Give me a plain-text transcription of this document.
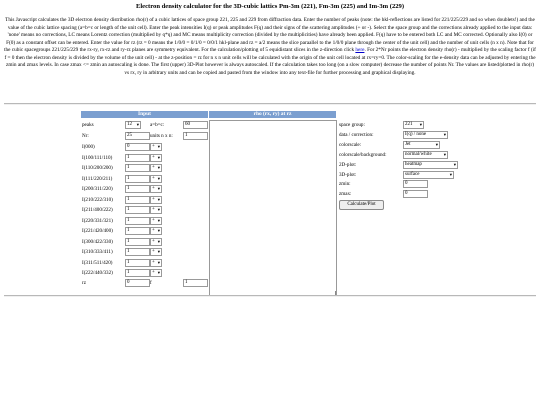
Electron density calculator for the 3D-cubic lattics Pm-3m (221), Fm-3m (225) and Im-3m (229)
This Javascript calculates the 3D electron density distribution rho(r) of a cubic lattices of space group 221, 225 and 229 from diffraction data. Enter the number of peaks (note: the hkl-reflections are listed for 221/225/229 and so when doublets!) and the value of the cubic lattice spacing (a=b=c or length of the unit cell). Enter the peak intensities I(q) or peak amplitudes F(q) and their signs of the scattering amplitudes (+ or -). Select the space group and the corrections already applied to the input data: 'none' means no corrections, LC means Lorentz correction (multiplied by q*q) and MC means multiplicity correction (divided by the multiplicities) have already been applied. F(q) have to be entered both LC and MC corrected. Optionally also I(0) or F(0) as a constant offset can be entered. Enter the value for rz (rz = 0 means the 1/0/0 = 0/1/0 = 0/0/1 hkl-plane and rz = a/2 means the slice paraallel to the 1/0/0 plane through the center of the unit cell) and the number of unit cells (n x n). Note that for the cubic spacegroups 221/225/229 the rx-ry, rx-rz and ry-rz planes are symmetry equivalent. For the calculation/plotting of 5 equidistant slices in the z-direction click here. For 2*Nr points the electron density rho(r) - multiplied by the scaling factor f (if f = 0 then the electron density is divided by the volume of the unit cell) - at the z-position = rz for n x n unit cells will be calculated with the origin of the unit cell located at rx=ry=0. The color-scaling for the e-density data can be adjusted by entering the zmin and zmax levels. In case zmax <= zmin an autoscaling is done. The first (upper) 3D-Plot however is always autoscaled. If the calculation takes too long (on a slow computer) decrease the number of points Nr. The values are listed/plotted in rho(r) vs rx, ry in arbitrary units and can be copied and pasted from the window into any text-file for further processing and graphical displaying.
Input	rho (rx, ry) at rz
peaks	12 ▾ a=b=c:	60
Nr:	25	units n x n:	1
I(000)	0	+ ▾
I(100/111/110)	1	+ ▾
I(110/200/200)	1	+ ▾
I(111/220/211)	1	+ ▾
I(200/311/220)	1	+ ▾
I(210/222/310)	1	+ ▾
I(211/400/222)	1	+ ▾
I(220/331/321)	1	+ ▾
I(221/420/400)	1	+ ▾
I(300/422/330)	1	+ ▾
I(310/333/411)	1	+ ▾
I(311/511/420)	1	+ ▾
I(222/440/332)	1	+ ▾
rz	0	f	1
space group:	221 ▾
data / correction:	I(q) / none	▾
colorscale:	Jet	▾
colorscale/background:	normal/white	▾
2D-plot:	heatmap	▾
3D-plot:	surface	▾
zmin:	0
zmax:	0
Calculate/Plot
